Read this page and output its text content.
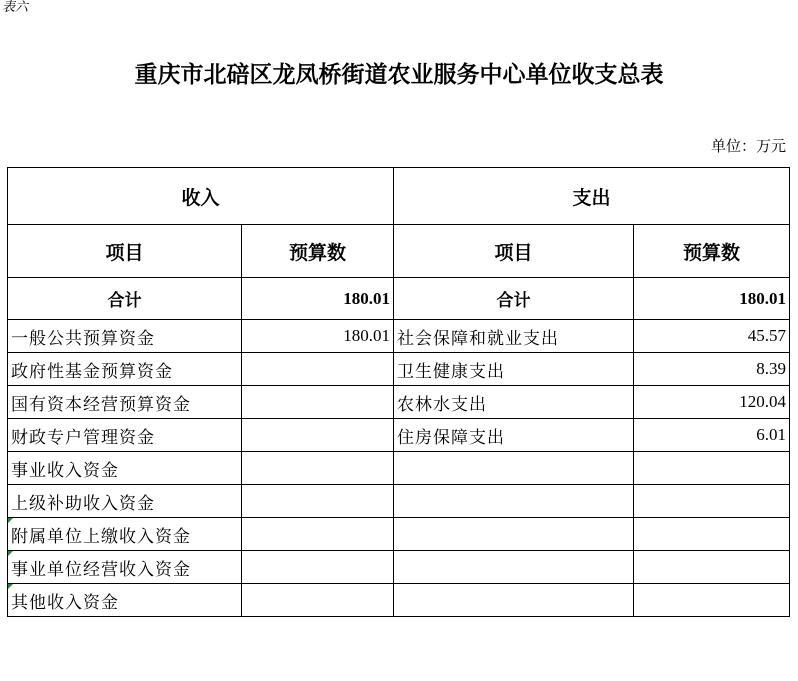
表六
重庆市北碚区龙凤桥街道农业服务中心单位收支总表
单位：万元
收入		支出	
项目	预算数	项目	预算数
合计	180.01	合计	180.01
一般公共预算资金	180.01	社会保障和就业支出	45.57
政府性基金预算资金		卫生健康支出	8.39
国有资本经营预算资金		农林水支出	120.04
财政专户管理资金		住房保障支出	6.01
事业收入资金			
上级补助收入资金			
附属单位上缴收入资金			
事业单位经营收入资金			
其他收入资金			
